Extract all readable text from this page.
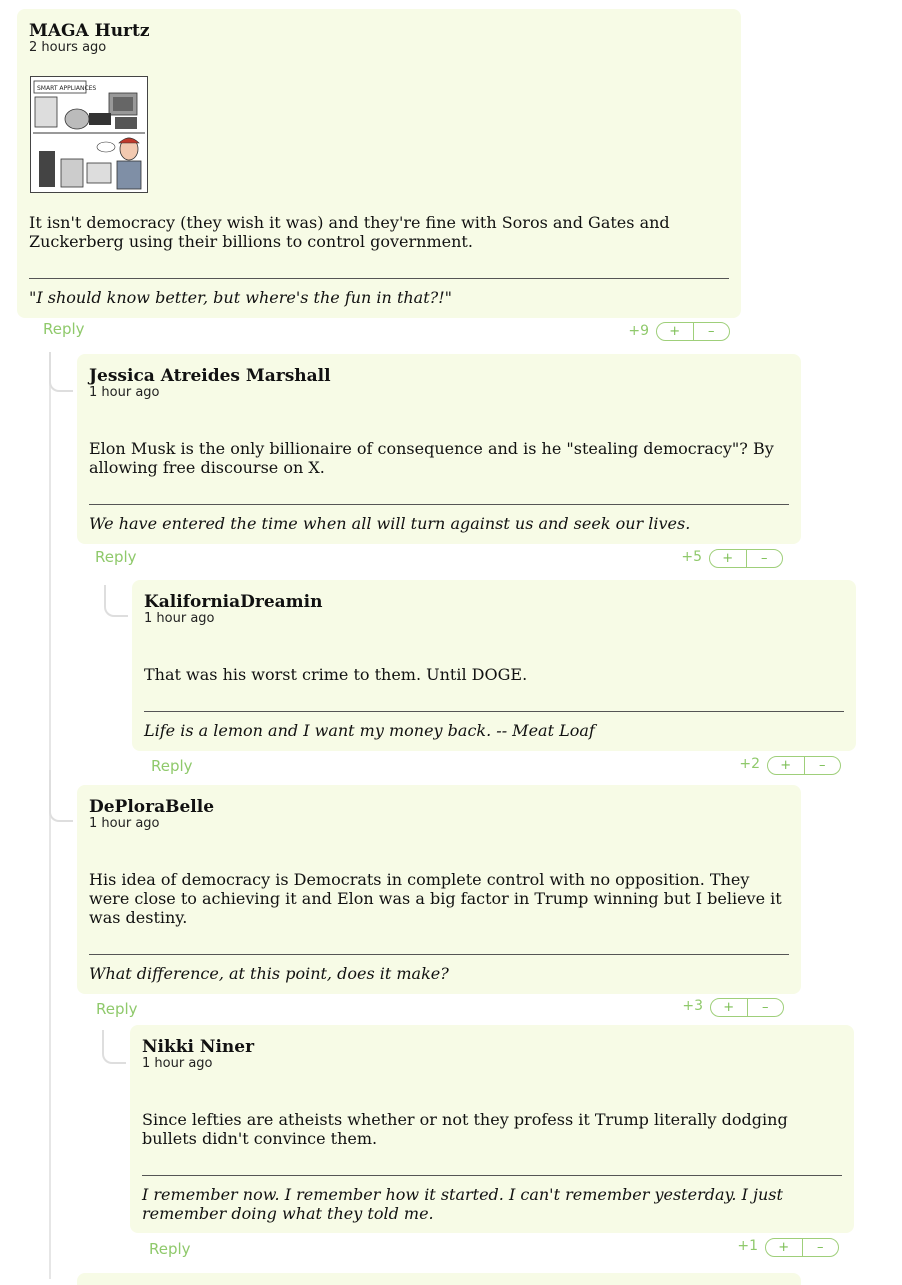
MAGA Hurtz
2 hours ago
SMART APPLIANCES
It isn't democracy (they wish it was) and they're fine with Soros and Gates and Zuckerberg using their billions to control government.
"I should know better, but where's the fun in that?!"
Reply	+9	+	–
Jessica Atreides Marshall
1 hour ago
Elon Musk is the only billionaire of consequence and is he "stealing democracy"? By allowing free discourse on X.
We have entered the time when all will turn against us and seek our lives.
Reply	+5	+	–
KaliforniaDreamin
1 hour ago
That was his worst crime to them. Until DOGE.
Life is a lemon and I want my money back. -- Meat Loaf
Reply	+2	+	–
DePloraBelle
1 hour ago
His idea of democracy is Democrats in complete control with no opposition. They were close to achieving it and Elon was a big factor in Trump winning but I believe it was destiny.
What difference, at this point, does it make?
Reply	+3	+	–
Nikki Niner
1 hour ago
Since lefties are atheists whether or not they profess it Trump literally dodging bullets didn't convince them.
I remember now. I remember how it started. I can't remember yesterday. I just remember doing what they told me.
Reply	+1	+	–
